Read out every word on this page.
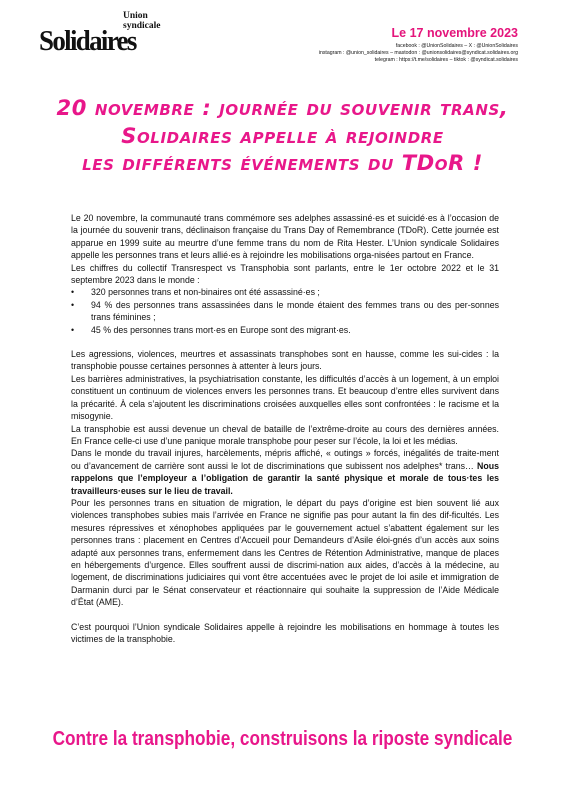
Union
syndicale
Solidaires	Le 17 novembre 2023
facebook : @UnionSolidaires – X : @UnionSolidaires
instagram : @union_solidaires – mastodon : @unionsolidaires@syndicat.solidaires.org
telegram : https://t.me/solidaires – tiktok : @syndicat.solidaires
20 novembre : journée du souvenir trans,
Solidaires appelle à rejoindre
les différents événements du TDoR !

Le 20 novembre, la communauté trans commémore ses adelphes assassiné·es et suicidé·es à l’occasion de la journée du souvenir trans, déclinaison française du Trans Day of Remembrance (TDoR). Cette journée est apparue en 1999 suite au meurtre d’une femme trans du nom de Rita Hester. L’Union syndicale Solidaires appelle les personnes trans et leurs allié·es à rejoindre les mobilisations orga-nisées partout en France.

Les chiffres du collectif Transrespect vs Transphobia sont parlants, entre le 1er octobre 2022 et le 31 septembre 2023 dans le monde :

• 320 personnes trans et non-binaires ont été assassiné·es ;
• 94 % des personnes trans assassinées dans le monde étaient des femmes trans ou des per-sonnes trans féminines ;
• 45 % des personnes trans mort·es en Europe sont des migrant·es.

Les agressions, violences, meurtres et assassinats transphobes sont en hausse, comme les sui-cides : la transphobie pousse certaines personnes à attenter à leurs jours.

Les barrières administratives, la psychiatrisation constante, les difficultés d’accès à un logement, à un emploi constituent un continuum de violences envers les personnes trans. Et beaucoup d’entre elles survivent dans la précarité. À cela s’ajoutent les discriminations croisées auxquelles elles sont confrontées : le racisme et la misogynie.

La transphobie est aussi devenue un cheval de bataille de l’extrême-droite au cours des dernières années. En France celle-ci use d’une panique morale transphobe pour peser sur l’école, la loi et les médias.

Dans le monde du travail injures, harcèlements, mépris affiché, « outings » forcés, inégalités de traite-ment ou d’avancement de carrière sont aussi le lot de discriminations que subissent nos adelphes* trans… Nous rappelons que l’employeur a l’obligation de garantir la santé physique et morale de tous·tes les travailleurs·euses sur le lieu de travail.

Pour les personnes trans en situation de migration, le départ du pays d’origine est bien souvent lié aux violences transphobes subies mais l’arrivée en France ne signifie pas pour autant la fin des dif-ficultés. Les mesures répressives et xénophobes appliquées par le gouvernement actuel s’abattent également sur les personnes trans : placement en Centres d’Accueil pour Demandeurs d’Asile éloi-gnés d’un accès aux soins adapté aux personnes trans, enfermement dans les Centres de Rétention Administrative, manque de places en hébergements d’urgence. Elles souffrent aussi de discrimi-nation aux aides, d’accès à la médecine, au logement, de discriminations judiciaires qui vont être accentuées avec le projet de loi asile et immigration de Darmanin durci par le Sénat conservateur et réactionnaire qui souhaite la suppression de l’Aide Médicale d’État (AME).

C’est pourquoi l’Union syndicale Solidaires appelle à rejoindre les mobilisations en hommage à toutes les victimes de la transphobie.

Contre la transphobie, construisons la riposte syndicale
